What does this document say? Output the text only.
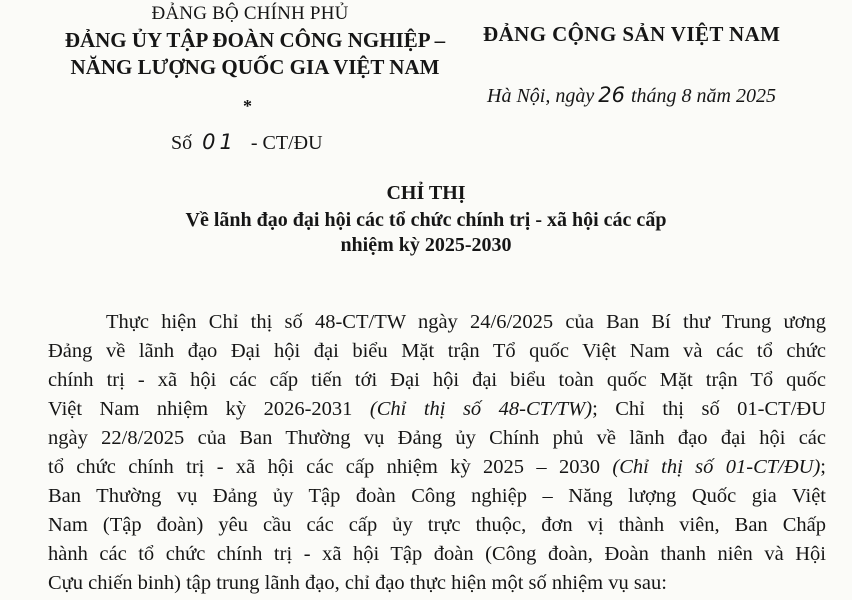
ĐẢNG BỘ CHÍNH PHỦ
ĐẢNG ỦY TẬP ĐOÀN CÔNG NGHIỆP –
NĂNG LƯỢNG QUỐC GIA VIỆT NAM
*
Số 01 - CT/ĐU
ĐẢNG CỘNG SẢN VIỆT NAM
Hà Nội, ngày 26 tháng 8 năm 2025
CHỈ THỊ
Về lãnh đạo đại hội các tổ chức chính trị - xã hội các cấp
nhiệm kỳ 2025-2030
Thực hiện Chỉ thị số 48-CT/TW ngày 24/6/2025 của Ban Bí thư Trung ương
Đảng về lãnh đạo Đại hội đại biểu Mặt trận Tổ quốc Việt Nam và các tổ chức
chính trị - xã hội các cấp tiến tới Đại hội đại biểu toàn quốc Mặt trận Tổ quốc
Việt Nam nhiệm kỳ 2026-2031 (Chỉ thị số 48-CT/TW); Chỉ thị số 01-CT/ĐU
ngày 22/8/2025 của Ban Thường vụ Đảng ủy Chính phủ về lãnh đạo đại hội các
tổ chức chính trị - xã hội các cấp nhiệm kỳ 2025 – 2030 (Chỉ thị số 01-CT/ĐU);
Ban Thường vụ Đảng ủy Tập đoàn Công nghiệp – Năng lượng Quốc gia Việt
Nam (Tập đoàn) yêu cầu các cấp ủy trực thuộc, đơn vị thành viên, Ban Chấp
hành các tổ chức chính trị - xã hội Tập đoàn (Công đoàn, Đoàn thanh niên và Hội
Cựu chiến binh) tập trung lãnh đạo, chỉ đạo thực hiện một số nhiệm vụ sau:
